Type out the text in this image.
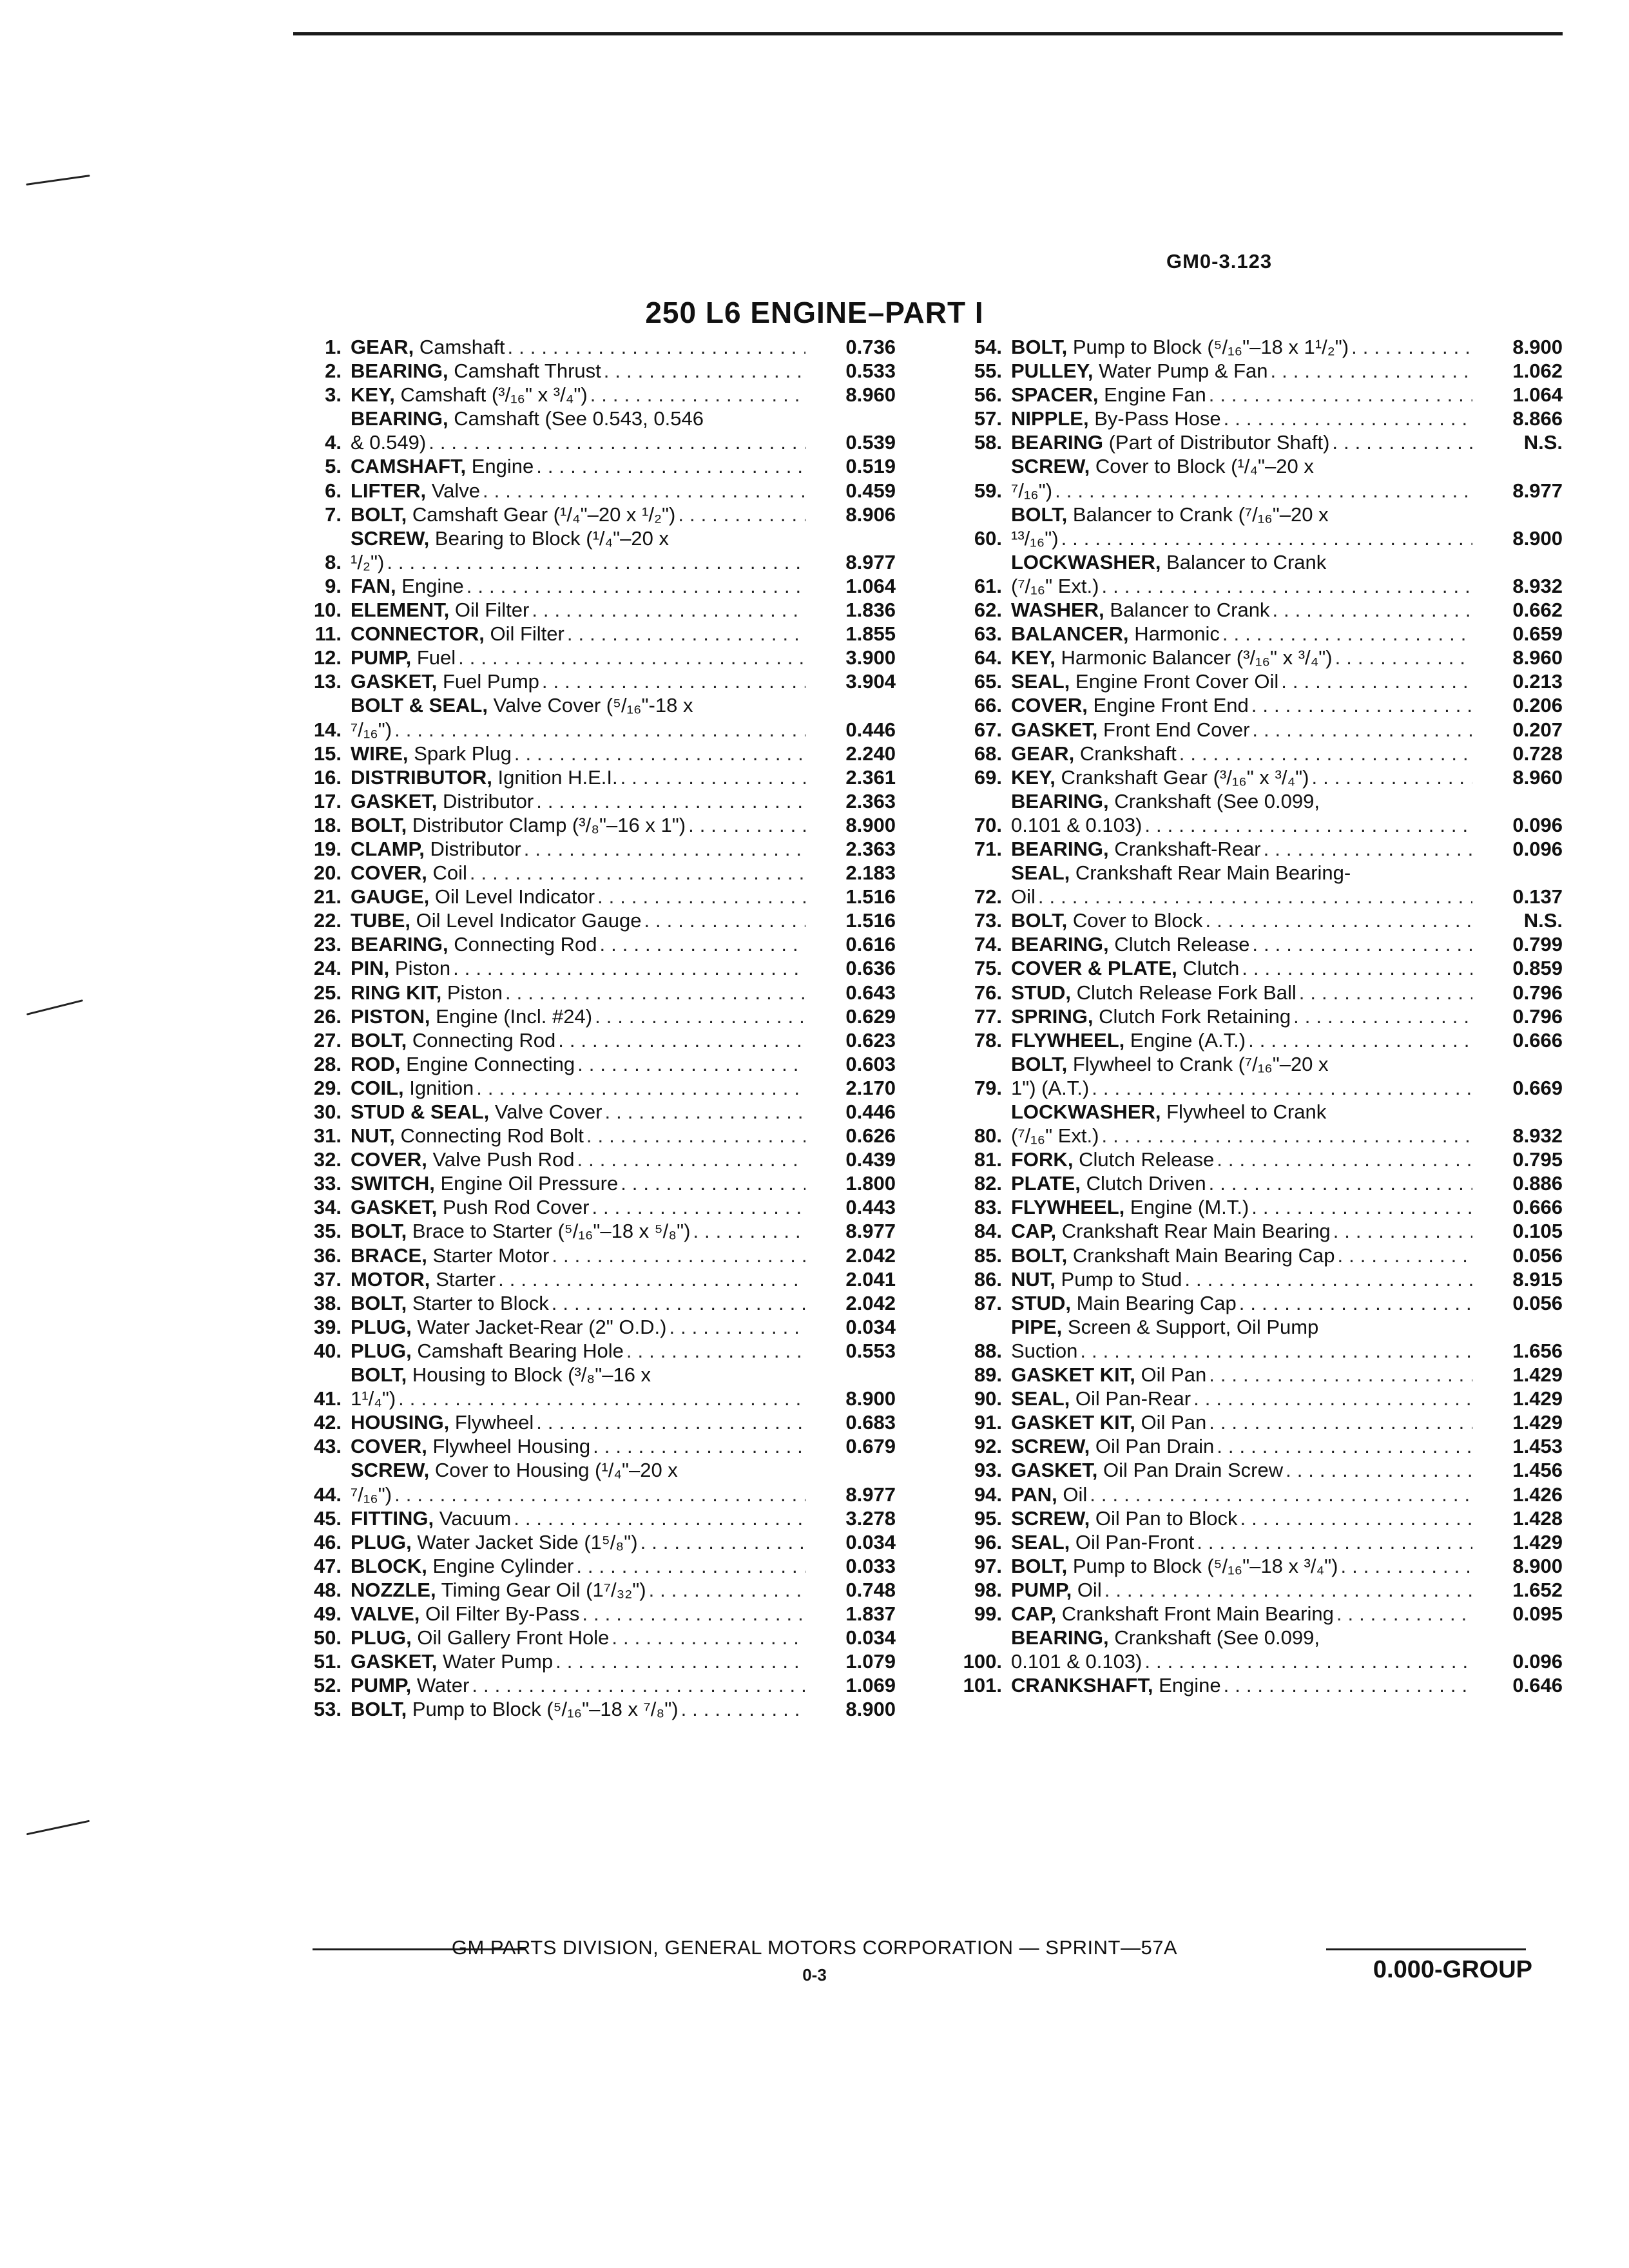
GM0-3.123
250 L6 ENGINE–PART I
1. GEAR, Camshaft .....	0.736
2. BEARING, Camshaft Thrust .....	0.533
3. KEY, Camshaft (³/₁₆" x ³/₄") .....	8.960
4.
BEARING, Camshaft (See 0.543, 0.546
& 0.549) .....	0.539
5. CAMSHAFT, Engine .....	0.519
6. LIFTER, Valve .....	0.459
7. BOLT, Camshaft Gear (¹/₄"–20 x ¹/₂") .....	8.906
8.
SCREW, Bearing to Block (¹/₄"–20 x
¹/₂") .....	8.977
9. FAN, Engine .....	1.064
10. ELEMENT, Oil Filter .....	1.836
11. CONNECTOR, Oil Filter .....	1.855
12. PUMP, Fuel .....	3.900
13. GASKET, Fuel Pump .....	3.904
14.
BOLT & SEAL, Valve Cover (⁵/₁₆"-18 x
⁷/₁₆") .....	0.446
15. WIRE, Spark Plug .....	2.240
16. DISTRIBUTOR, Ignition H.E.I. .....	2.361
17. GASKET, Distributor .....	2.363
18. BOLT, Distributor Clamp (³/₈"–16 x 1") .....	8.900
19. CLAMP, Distributor .....	2.363
20. COVER, Coil .....	2.183
21. GAUGE, Oil Level Indicator .....	1.516
22. TUBE, Oil Level Indicator Gauge .....	1.516
23. BEARING, Connecting Rod .....	0.616
24. PIN, Piston .....	0.636
25. RING KIT, Piston .....	0.643
26. PISTON, Engine (Incl. #24) .....	0.629
27. BOLT, Connecting Rod .....	0.623
28. ROD, Engine Connecting .....	0.603
29. COIL, Ignition .....	2.170
30. STUD & SEAL, Valve Cover .....	0.446
31. NUT, Connecting Rod Bolt .....	0.626
32. COVER, Valve Push Rod .....	0.439
33. SWITCH, Engine Oil Pressure .....	1.800
34. GASKET, Push Rod Cover .....	0.443
35. BOLT, Brace to Starter (⁵/₁₆"–18 x ⁵/₈") .....	8.977
36. BRACE, Starter Motor .....	2.042
37. MOTOR, Starter .....	2.041
38. BOLT, Starter to Block .....	2.042
39. PLUG, Water Jacket-Rear (2" O.D.) .....	0.034
40. PLUG, Camshaft Bearing Hole .....	0.553
41.
BOLT, Housing to Block (³/₈"–16 x
1¹/₄") .....	8.900
42. HOUSING, Flywheel .....	0.683
43. COVER, Flywheel Housing .....	0.679
44.
SCREW, Cover to Housing (¹/₄"–20 x
⁷/₁₆") .....	8.977
45. FITTING, Vacuum .....	3.278
46. PLUG, Water Jacket Side (1⁵/₈") .....	0.034
47. BLOCK, Engine Cylinder .....	0.033
48. NOZZLE, Timing Gear Oil (1⁷/₃₂") .....	0.748
49. VALVE, Oil Filter By-Pass .....	1.837
50. PLUG, Oil Gallery Front Hole .....	0.034
51. GASKET, Water Pump .....	1.079
52. PUMP, Water .....	1.069
53. BOLT, Pump to Block (⁵/₁₆"–18 x ⁷/₈") .....	8.900
54. BOLT, Pump to Block (⁵/₁₆"–18 x 1¹/₂") .....	8.900
55. PULLEY, Water Pump & Fan .....	1.062
56. SPACER, Engine Fan .....	1.064
57. NIPPLE, By-Pass Hose .....	8.866
58. BEARING (Part of Distributor Shaft) .....	N.S.
59.
SCREW, Cover to Block (¹/₄"–20 x
⁷/₁₆") .....	8.977
60.
BOLT, Balancer to Crank (⁷/₁₆"–20 x
¹³/₁₆") .....	8.900
61.
LOCKWASHER, Balancer to Crank
(⁷/₁₆" Ext.) .....	8.932
62. WASHER, Balancer to Crank .....	0.662
63. BALANCER, Harmonic .....	0.659
64. KEY, Harmonic Balancer (³/₁₆" x ³/₄") .....	8.960
65. SEAL, Engine Front Cover Oil .....	0.213
66. COVER, Engine Front End .....	0.206
67. GASKET, Front End Cover .....	0.207
68. GEAR, Crankshaft .....	0.728
69. KEY, Crankshaft Gear (³/₁₆" x ³/₄") .....	8.960
70.
BEARING, Crankshaft (See 0.099,
0.101 & 0.103) .....	0.096
71. BEARING, Crankshaft-Rear .....	0.096
72.
SEAL, Crankshaft Rear Main Bearing-
Oil .....	0.137
73. BOLT, Cover to Block .....	N.S.
74. BEARING, Clutch Release .....	0.799
75. COVER & PLATE, Clutch .....	0.859
76. STUD, Clutch Release Fork Ball .....	0.796
77. SPRING, Clutch Fork Retaining .....	0.796
78. FLYWHEEL, Engine (A.T.) .....	0.666
79.
BOLT, Flywheel to Crank (⁷/₁₆"–20 x
1") (A.T.) .....	0.669
80.
LOCKWASHER, Flywheel to Crank
(⁷/₁₆" Ext.) .....	8.932
81. FORK, Clutch Release .....	0.795
82. PLATE, Clutch Driven .....	0.886
83. FLYWHEEL, Engine (M.T.) .....	0.666
84. CAP, Crankshaft Rear Main Bearing .....	0.105
85. BOLT, Crankshaft Main Bearing Cap .....	0.056
86. NUT, Pump to Stud .....	8.915
87. STUD, Main Bearing Cap .....	0.056
88.
PIPE, Screen & Support, Oil Pump
Suction .....	1.656
89. GASKET KIT, Oil Pan .....	1.429
90. SEAL, Oil Pan-Rear .....	1.429
91. GASKET KIT, Oil Pan .....	1.429
92. SCREW, Oil Pan Drain .....	1.453
93. GASKET, Oil Pan Drain Screw .....	1.456
94. PAN, Oil .....	1.426
95. SCREW, Oil Pan to Block .....	1.428
96. SEAL, Oil Pan-Front .....	1.429
97. BOLT, Pump to Block (⁵/₁₆"–18 x ³/₄") .....	8.900
98. PUMP, Oil .....	1.652
99. CAP, Crankshaft Front Main Bearing .....	0.095
100.
BEARING, Crankshaft (See 0.099,
0.101 & 0.103) .....	0.096
101. CRANKSHAFT, Engine .....	0.646
GM PARTS DIVISION, GENERAL MOTORS CORPORATION — SPRINT—57A
0-3	0.000-GROUP
